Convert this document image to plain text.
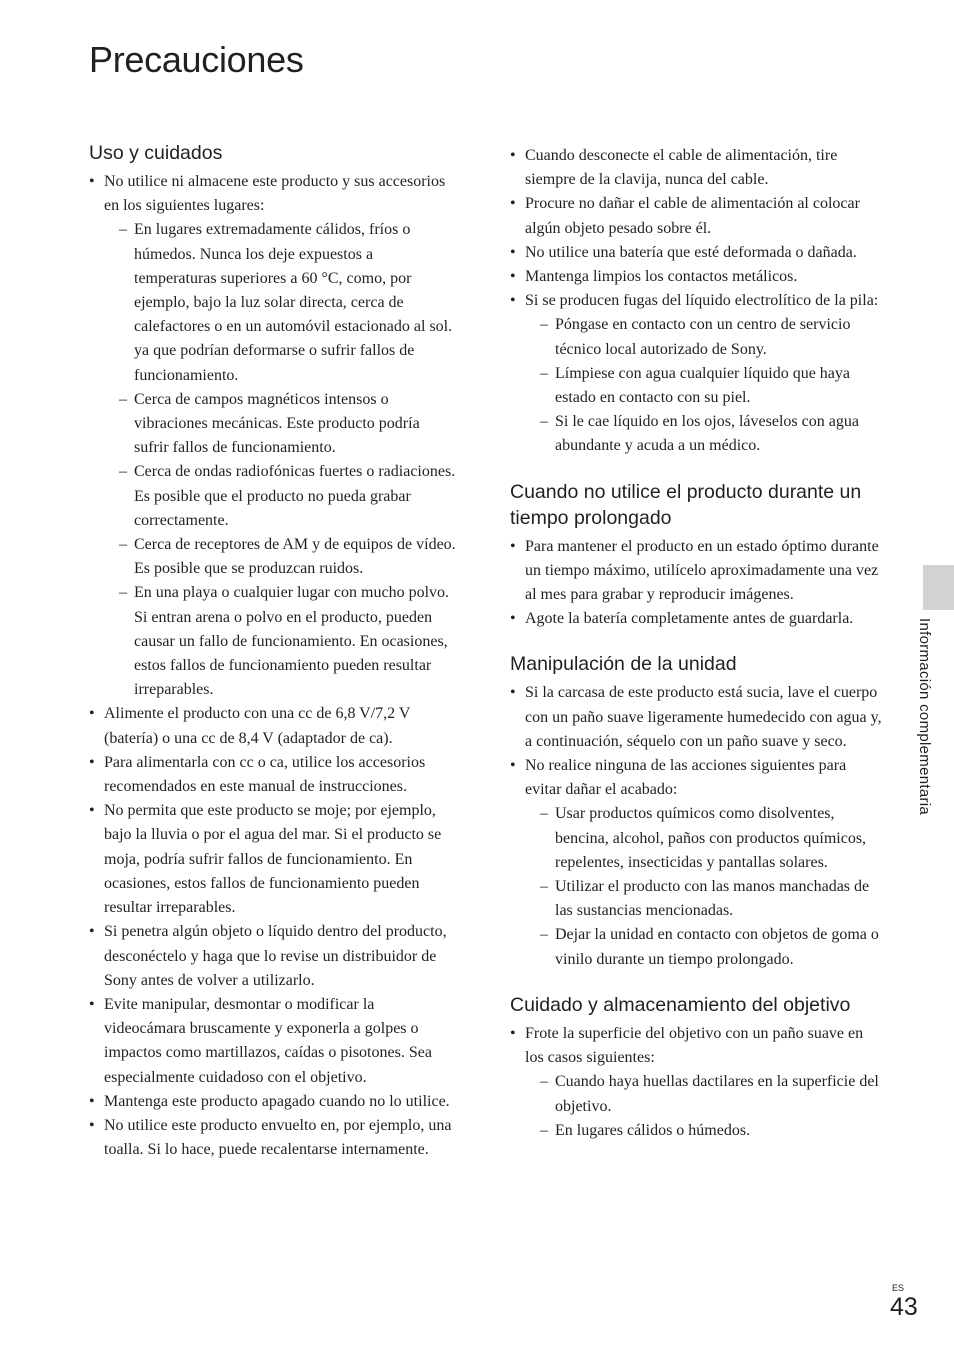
Precauciones
Uso y cuidados
• No utilice ni almacene este producto y sus accesorios en los siguientes lugares:
– En lugares extremadamente cálidos, fríos o húmedos. Nunca los deje expuestos a temperaturas superiores a 60 °C, como, por ejemplo, bajo la luz solar directa, cerca de calefactores o en un automóvil estacionado al sol. ya que podrían deformarse o sufrir fallos de funcionamiento.
– Cerca de campos magnéticos intensos o vibraciones mecánicas. Este producto podría sufrir fallos de funcionamiento.
– Cerca de ondas radiofónicas fuertes o radiaciones. Es posible que el producto no pueda grabar correctamente.
– Cerca de receptores de AM y de equipos de vídeo. Es posible que se produzcan ruidos.
– En una playa o cualquier lugar con mucho polvo. Si entran arena o polvo en el producto, pueden causar un fallo de funcionamiento. En ocasiones, estos fallos de funcionamiento pueden resultar irreparables.
• Alimente el producto con una cc de 6,8 V/7,2 V (batería) o una cc de 8,4 V (adaptador de ca).
• Para alimentarla con cc o ca, utilice los accesorios recomendados en este manual de instrucciones.
• No permita que este producto se moje; por ejemplo, bajo la lluvia o por el agua del mar. Si el producto se moja, podría sufrir fallos de funcionamiento. En ocasiones, estos fallos de funcionamiento pueden resultar irreparables.
• Si penetra algún objeto o líquido dentro del producto, desconéctelo y haga que lo revise un distribuidor de Sony antes de volver a utilizarlo.
• Evite manipular, desmontar o modificar la videocámara bruscamente y exponerla a golpes o impactos como martillazos, caídas o pisotones. Sea especialmente cuidadoso con el objetivo.
• Mantenga este producto apagado cuando no lo utilice.
• No utilice este producto envuelto en, por ejemplo, una toalla. Si lo hace, puede recalentarse internamente.
• Cuando desconecte el cable de alimentación, tire siempre de la clavija, nunca del cable.
• Procure no dañar el cable de alimentación al colocar algún objeto pesado sobre él.
• No utilice una batería que esté deformada o dañada.
• Mantenga limpios los contactos metálicos.
• Si se producen fugas del líquido electrolítico de la pila:
– Póngase en contacto con un centro de servicio técnico local autorizado de Sony.
– Límpiese con agua cualquier líquido que haya estado en contacto con su piel.
– Si le cae líquido en los ojos, láveselos con agua abundante y acuda a un médico.
Cuando no utilice el producto durante un tiempo prolongado
• Para mantener el producto en un estado óptimo durante un tiempo máximo, utilícelo aproximadamente una vez al mes para grabar y reproducir imágenes.
• Agote la batería completamente antes de guardarla.
Manipulación de la unidad
• Si la carcasa de este producto está sucia, lave el cuerpo con un paño suave ligeramente humedecido con agua y, a continuación, séquelo con un paño suave y seco.
• No realice ninguna de las acciones siguientes para evitar dañar el acabado:
– Usar productos químicos como disolventes, bencina, alcohol, paños con productos químicos, repelentes, insecticidas y pantallas solares.
– Utilizar el producto con las manos manchadas de las sustancias mencionadas.
– Dejar la unidad en contacto con objetos de goma o vinilo durante un tiempo prolongado.
Cuidado y almacenamiento del objetivo
• Frote la superficie del objetivo con un paño suave en los casos siguientes:
– Cuando haya huellas dactilares en la superficie del objetivo.
– En lugares cálidos o húmedos.
Información complementaria
ES
43
